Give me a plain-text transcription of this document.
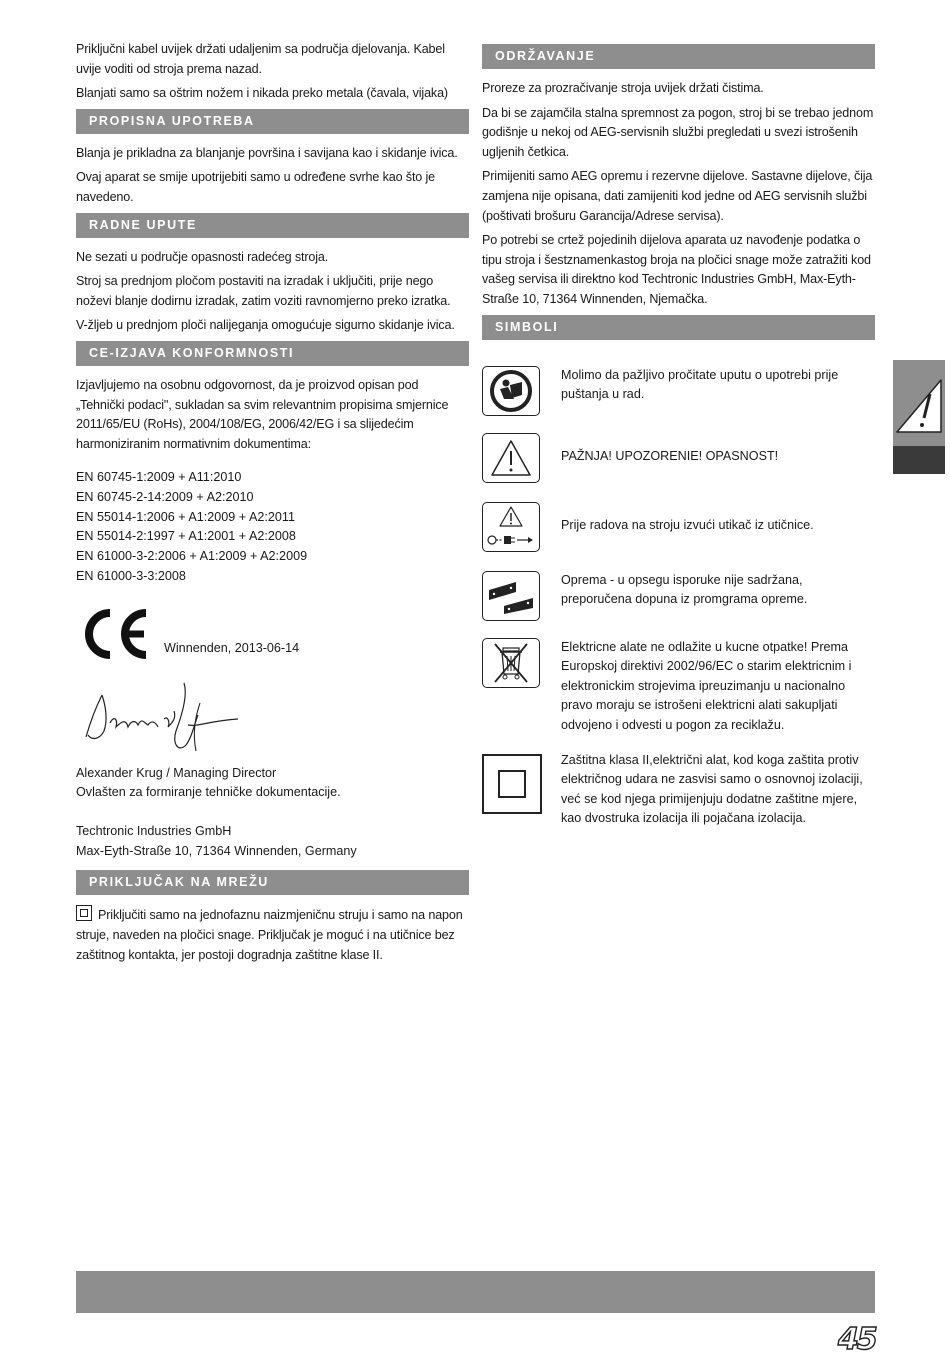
Priključni kabel uvijek držati udaljenim sa područja djelovanja. Kabel uvije voditi od stroja prema nazad.

Blanjati samo sa oštrim nožem i nikada preko metala (čavala, vijaka)

PROPISNA UPOTREBA

Blanja je prikladna za blanjanje površina i savijana kao i skidanje ivica.

Ovaj aparat se smije upotrijebiti samo u određene svrhe kao što je navedeno.

RADNE UPUTE

Ne sezati u područje opasnosti radećeg stroja.

Stroj sa prednjom pločom postaviti na izradak i uključiti, prije nego noževi blanje dodirnu izradak, zatim voziti ravnomjerno preko izratka.

V-žljeb u prednjom ploči nalijeganja omogućuje sigurno skidanje ivica.

CE-IZJAVA KONFORMNOSTI

Izjavljujemo na osobnu odgovornost, da je proizvod opisan pod „Tehnički podaci", sukladan sa svim relevantnim propisima smjernice 2011/65/EU (RoHs), 2004/108/EG, 2006/42/EG i sa slijedećim harmoniziranim normativnim dokumentima:

EN 60745-1:2009 + A11:2010

EN 60745-2-14:2009 + A2:2010

EN 55014-1:2006 + A1:2009 + A2:2011

EN 55014-2:1997 + A1:2001 + A2:2008

EN 61000-3-2:2006 + A1:2009 + A2:2009

EN 61000-3-3:2008

Winnenden, 2013-06-14

Alexander Krug / Managing Director

Ovlašten za formiranje tehničke dokumentacije.

Techtronic Industries GmbH

Max-Eyth-Straße 10, 71364 Winnenden, Germany

PRIKLJUČAK NA MREŽU

Priključiti samo na jednofaznu naizmjeničnu struju i samo na napon struje, naveden na pločici snage. Priključak je moguć i na utičnice bez zaštitnog kontakta, jer postoji dogradnja zaštitne klase II.

ODRŽAVANJE

Proreze za prozračivanje stroja uvijek držati čistima.

Da bi se zajamčila stalna spremnost za pogon, stroj bi se trebao jednom godišnje u nekoj od AEG-servisnih službi pregledati u svezi istrošenih ugljenih četkica.

Primijeniti samo AEG opremu i rezervne dijelove. Sastavne dijelove, čija zamjena nije opisana, dati zamijeniti kod jedne od AEG servisnih službi (poštivati brošuru Garancija/Adrese servisa).

Po potrebi se crtež pojedinih dijelova aparata uz navođenje podatka o tipu stroja i šestznamenkastog broja na pločici snage može zatražiti kod vašeg servisa ili direktno kod Techtronic Industries GmbH, Max-Eyth-Straße 10, 71364 Winnenden, Njemačka.

SIMBOLI
Molimo da pažljivo pročitate uputu o upotrebi prije puštanja u rad.
PAŽNJA! UPOZORENIE! OPASNOST!
Prije radova na stroju izvući utikač iz utičnice.
Oprema - u opsegu isporuke nije sadržana, preporučena dopuna iz promgrama opreme.
Elektricne alate ne odlažite u kucne otpatke! Prema Europskoj direktivi 2002/96/EC o starim elektricnim i elektronickim strojevima ipreuzimanju u nacionalno pravo moraju se istrošeni elektricni alati sakupljati odvojeno i odvesti u pogon za reciklažu.
Zaštitna klasa II,električni alat, kod koga zaštita protiv električnog udara ne zasvisi samo o osnovnoj izolaciji, već se kod njega primijenjuju dodatne zaštitne mjere, kao dvostruka izolacija ili pojačana izolacija.
45
